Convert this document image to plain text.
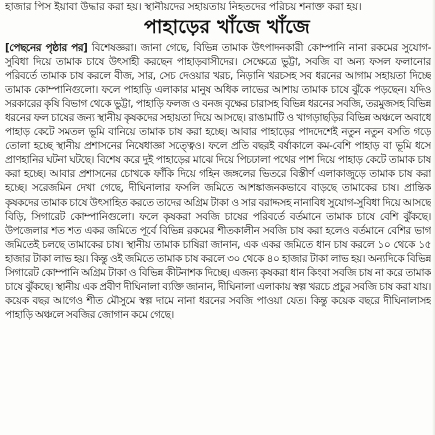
হাজার পিস ইয়াবা উদ্ধার করা হয়। স্থানীয়দের সহায়তায় নিহতদের পরিচয় শনাক্ত করা হয়।
পাহাড়ের খাঁজে খাঁজে

[পেছনের পৃষ্ঠার পর] বিশেষজ্ঞরা। জানা গেছে, বিভিন্ন তামাক উৎপাদনকারী কোম্পানি নানা রকমের সুযোগ-সুবিধা দিয়ে তামাক চাষে উৎসাহী করছেন পাহাড়বাসীদের। সেক্ষেত্রে ভুট্টা, সবজি বা অন্য ফসল ফলানোর পরিবর্তে তামাক চাষ করলে বীজ, সার, সেচ দেওয়ার খরচ, নিড়ানি খরচসহ সব ধরনের আগাম সহায়তা দিচ্ছে তামাক কোম্পানিগুলো। ফলে পাহাড়ি এলাকার মানুষ অধিক লাভের আশায় তামাক চাষে ঝুঁকে পড়ছেন। যদিও সরকারের কৃষি বিভাগ থেকে ভুট্টা, পাহাড়ি ফলজ ও বনজ বৃক্ষের চারাসহ বিভিন্ন ধরনের সবজি, তরমুজসহ বিভিন্ন ধরনের ফল চাষের জন্য স্থানীয় কৃষকদের সহায়তা দিয়ে আসছে। রাঙামাটি ও খাগড়াছড়ির বিভিন্ন অঞ্চলে অবাধে পাহাড় কেটে সমতল ভূমি বানিয়ে তামাক চাষ করা হচ্ছে। আবার পাহাড়ের পাদদেশেই নতুন নতুন বসতি গড়ে তোলা হচ্ছে স্থানীয় প্রশাসনের নিষেধাজ্ঞা সত্ত্বেও। ফলে প্রতি বছরই বর্ষাকালে কম-বেশি পাহাড় বা ভূমি ধসে প্রাণহানির ঘটনা ঘটছে। বিশেষ করে দুই পাহাড়ের মাঝে দিয়ে পিচঢালা পথের পাশ দিয়ে পাহাড় কেটে তামাক চাষ করা হচ্ছে। আবার প্রশাসনের চোখকে ফাঁকি দিয়ে গহিন জঙ্গলের ভিতরে বিস্তীর্ণ এলাকাজুড়ে তামাক চাষ করা হচ্ছে। সরেজমিন দেখা গেছে, দীঘিনালার ফসলি জমিতে আশঙ্কাজনকভাবে বাড়ছে তামাকের চাষ। প্রান্তিক কৃষকদের তামাক চাষে উৎসাহিত করতে তাদের অগ্রিম টাকা ও সার বরাদ্দসহ নানাবিধ সুযোগ-সুবিধা দিয়ে আসছে বিড়ি, সিগারেট কোম্পানিগুলো। ফলে কৃষকরা সবজি চাষের পরিবর্তে বর্তমানে তামাক চাষে বেশি ঝুঁকছে। উপজেলার শত শত একর জমিতে পূর্বে বিভিন্ন রকমের শীতকালীন সবজি চাষ করা হলেও বর্তমানে বেশির ভাগ জমিতেই চলছে তামাকের চাষ। স্থানীয় তামাক চাষিরা জানান, এক একর জমিতে ধান চাষ করলে ১০ থেকে ১৫ হাজার টাকা লাভ হয়। কিন্তু ওই জমিতে তামাক চাষ করলে ৩০ থেকে ৪০ হাজার টাকা লাভ হয়। অন্যদিকে বিভিন্ন সিগারেট কোম্পানি অগ্রিম টাকা ও বিভিন্ন কীটনাশক দিচ্ছে। এজন্য কৃষকরা ধান কিংবা সবজি চাষ না করে তামাক চাষে ঝুঁকছে। স্থানীয় এক প্রবীণ দীঘিনালা ব্যক্তি জানান, দীঘিনালা এলাকায় স্বল্প খরচে প্রচুর সবজি চাষ করা যায়। কয়েক বছর আগেও শীত মৌসুমে স্বল্প দামে নানা ধরনের সবজি পাওয়া যেত। কিন্তু কয়েক বছরে দীঘিনালাসহ পাহাড়ি অঞ্চলে সবজির জোগান কমে গেছে।
